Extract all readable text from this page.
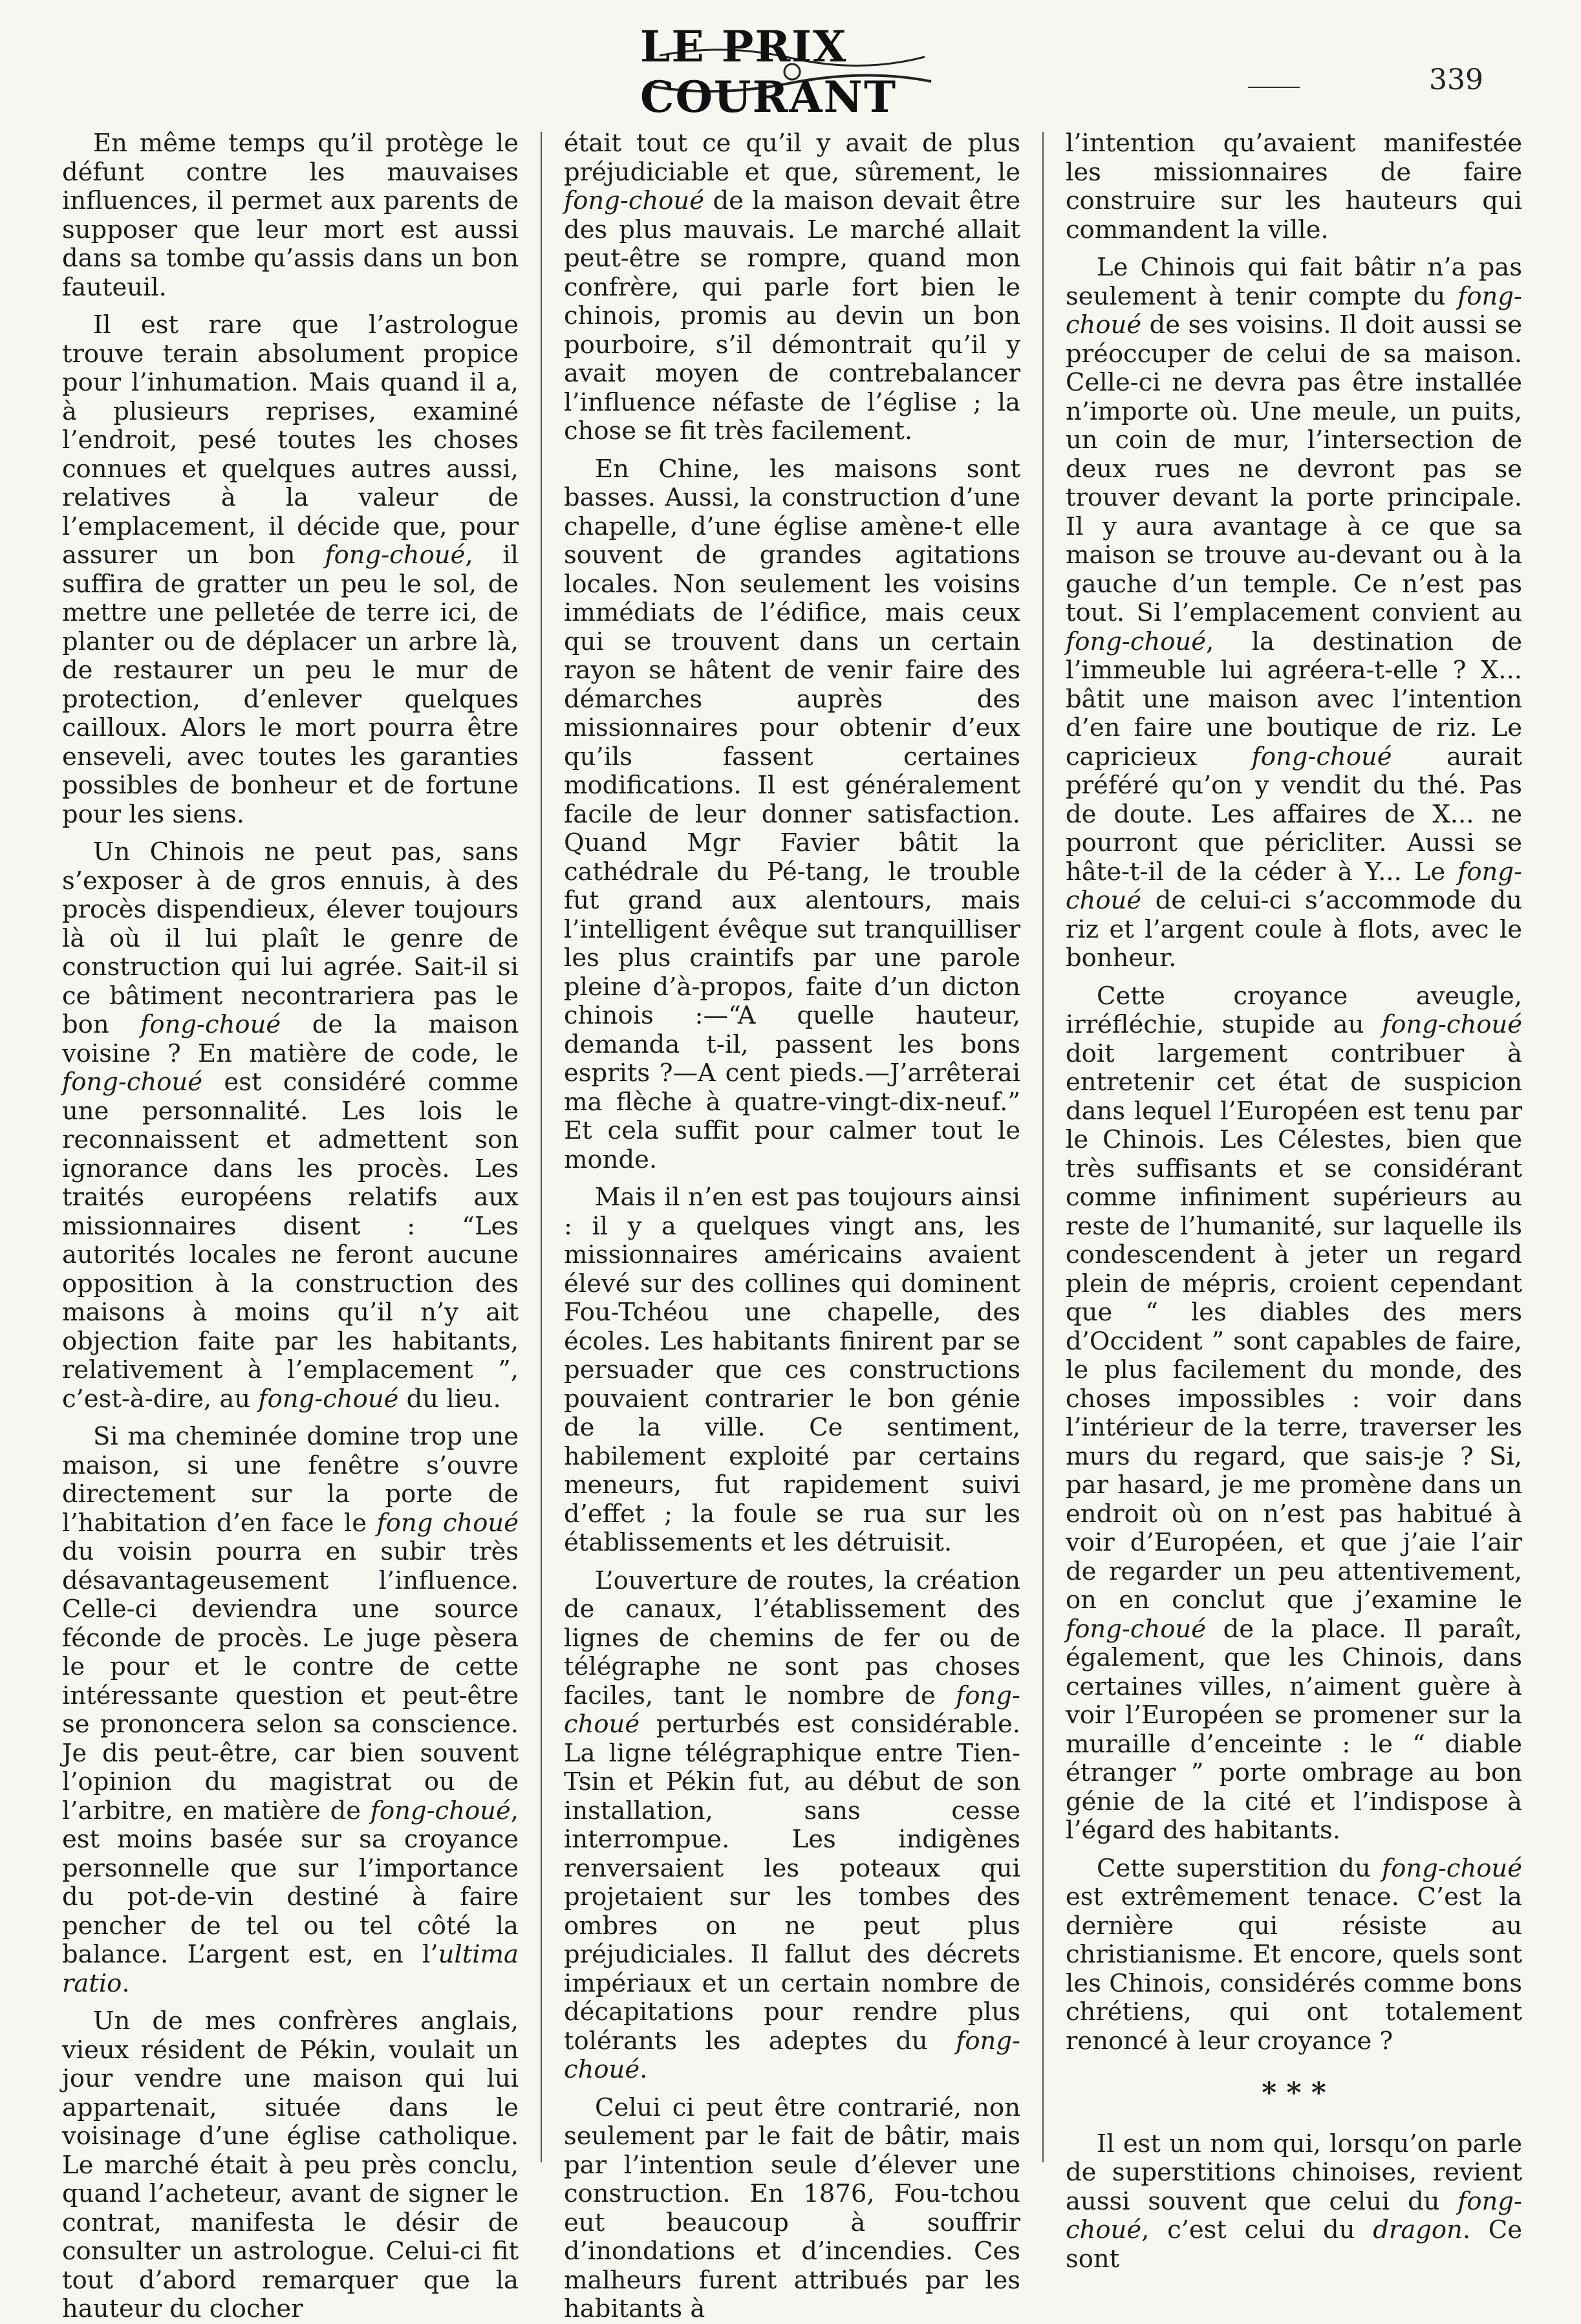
LE PRIX COURANT	339

En même temps qu’il protège le défunt contre les mauvaises influences, il permet aux parents de supposer que leur mort est aussi dans sa tombe qu’assis dans un bon fauteuil.

Il est rare que l’astrologue trouve terain absolument propice pour l’inhumation. Mais quand il a, à plusieurs reprises, examiné l’endroit, pesé toutes les choses connues et quelques autres aussi, relatives à la valeur de l’emplacement, il décide que, pour assurer un bon fong-choué, il suffira de gratter un peu le sol, de mettre une pelletée de terre ici, de planter ou de déplacer un arbre là, de restaurer un peu le mur de protection, d’enlever quelques cailloux. Alors le mort pourra être enseveli, avec toutes les garanties possibles de bonheur et de fortune pour les siens.

Un Chinois ne peut pas, sans s’exposer à de gros ennuis, à des procès dispendieux, élever toujours là où il lui plaît le genre de construction qui lui agrée. Sait-il si ce bâtiment necontrariera pas le bon fong-choué de la maison voisine ? En matière de code, le fong-choué est considéré comme une personnalité. Les lois le reconnaissent et admettent son ignorance dans les procès. Les traités européens relatifs aux missionnaires disent : “Les autorités locales ne feront aucune opposition à la construction des maisons à moins qu’il n’y ait objection faite par les habitants, relativement à l’emplacement ”, c’est-à-dire, au fong-choué du lieu.

Si ma cheminée domine trop une maison, si une fenêtre s’ouvre directement sur la porte de l’habitation d’en face le fong choué du voisin pourra en subir très désavantageusement l’influence. Celle-ci deviendra une source féconde de procès. Le juge pèsera le pour et le contre de cette intéressante question et peut-être se prononcera selon sa conscience. Je dis peut-être, car bien souvent l’opinion du magistrat ou de l’arbitre, en matière de fong-choué, est moins basée sur sa croyance personnelle que sur l’importance du pot-de-vin destiné à faire pencher de tel ou tel côté la balance. L’argent est, en l’ultima ratio.

Un de mes confrères anglais, vieux résident de Pékin, voulait un jour vendre une maison qui lui appartenait, située dans le voisinage d’une église catholique. Le marché était à peu près conclu, quand l’acheteur, avant de signer le contrat, manifesta le désir de consulter un astrologue. Celui-ci fit tout d’abord remarquer que la hauteur du clocher

était tout ce qu’il y avait de plus préjudiciable et que, sûrement, le fong-choué de la maison devait être des plus mauvais. Le marché allait peut-être se rompre, quand mon confrère, qui parle fort bien le chinois, promis au devin un bon pourboire, s’il démontrait qu’il y avait moyen de contrebalancer l’influence néfaste de l’église ; la chose se fit très facilement.

En Chine, les maisons sont basses. Aussi, la construction d’une chapelle, d’une église amène-t elle souvent de grandes agitations locales. Non seulement les voisins immédiats de l’édifice, mais ceux qui se trouvent dans un certain rayon se hâtent de venir faire des démarches auprès des missionnaires pour obtenir d’eux qu’ils fassent certaines modifications. Il est généralement facile de leur donner satisfaction. Quand Mgr Favier bâtit la cathédrale du Pé-tang, le trouble fut grand aux alentours, mais l’intelligent évêque sut tranquilliser les plus craintifs par une parole pleine d’à-propos, faite d’un dicton chinois :—“A quelle hauteur, demanda t-il, passent les bons esprits ?—A cent pieds.—J’arrêterai ma flèche à quatre-vingt-dix-neuf.” Et cela suffit pour calmer tout le monde.

Mais il n’en est pas toujours ainsi : il y a quelques vingt ans, les missionnaires américains avaient élevé sur des collines qui dominent Fou-Tchéou une chapelle, des écoles. Les habitants finirent par se persuader que ces constructions pouvaient contrarier le bon génie de la ville. Ce sentiment, habilement exploité par certains meneurs, fut rapidement suivi d’effet ; la foule se rua sur les établissements et les détruisit.

L’ouverture de routes, la création de canaux, l’établissement des lignes de chemins de fer ou de télégraphe ne sont pas choses faciles, tant le nombre de fong-choué perturbés est considérable. La ligne télégraphique entre Tien-Tsin et Pékin fut, au début de son installation, sans cesse interrompue. Les indigènes renversaient les poteaux qui projetaient sur les tombes des ombres on ne peut plus préjudiciales. Il fallut des décrets impériaux et un certain nombre de décapitations pour rendre plus tolérants les adeptes du fong-choué.

Celui ci peut être contrarié, non seulement par le fait de bâtir, mais par l’intention seule d’élever une construction. En 1876, Fou-tchou eut beaucoup à souffrir d’inondations et d’incendies. Ces malheurs furent attribués par les habitants à

l’intention qu’avaient manifestée les missionnaires de faire construire sur les hauteurs qui commandent la ville.

Le Chinois qui fait bâtir n’a pas seulement à tenir compte du fong-choué de ses voisins. Il doit aussi se préoccuper de celui de sa maison. Celle-ci ne devra pas être installée n’importe où. Une meule, un puits, un coin de mur, l’intersection de deux rues ne devront pas se trouver devant la porte principale. Il y aura avantage à ce que sa maison se trouve au-devant ou à la gauche d’un temple. Ce n’est pas tout. Si l’emplacement convient au fong-choué, la destination de l’immeuble lui agréera-t-elle ? X... bâtit une maison avec l’intention d’en faire une boutique de riz. Le capricieux fong-choué aurait préféré qu’on y vendit du thé. Pas de doute. Les affaires de X... ne pourront que péricliter. Aussi se hâte-t-il de la céder à Y... Le fong-choué de celui-ci s’accommode du riz et l’argent coule à flots, avec le bonheur.

Cette croyance aveugle, irréfléchie, stupide au fong-choué doit largement contribuer à entretenir cet état de suspicion dans lequel l’Européen est tenu par le Chinois. Les Célestes, bien que très suffisants et se considérant comme infiniment supérieurs au reste de l’humanité, sur laquelle ils condescendent à jeter un regard plein de mépris, croient cependant que “ les diables des mers d’Occident ” sont capables de faire, le plus facilement du monde, des choses impossibles : voir dans l’intérieur de la terre, traverser les murs du regard, que sais-je ? Si, par hasard, je me promène dans un endroit où on n’est pas habitué à voir d’Européen, et que j’aie l’air de regarder un peu attentivement, on en conclut que j’examine le fong-choué de la place. Il paraît, également, que les Chinois, dans certaines villes, n’aiment guère à voir l’Européen se promener sur la muraille d’enceinte : le “ diable étranger ” porte ombrage au bon génie de la cité et l’indispose à l’égard des habitants.

Cette superstition du fong-choué est extrêmement tenace. C’est la dernière qui résiste au christianisme. Et encore, quels sont les Chinois, considérés comme bons chrétiens, qui ont totalement renoncé à leur croyance ?

* * *

Il est un nom qui, lorsqu’on parle de superstitions chinoises, revient aussi souvent que celui du fong-choué, c’est celui du dragon. Ce sont
